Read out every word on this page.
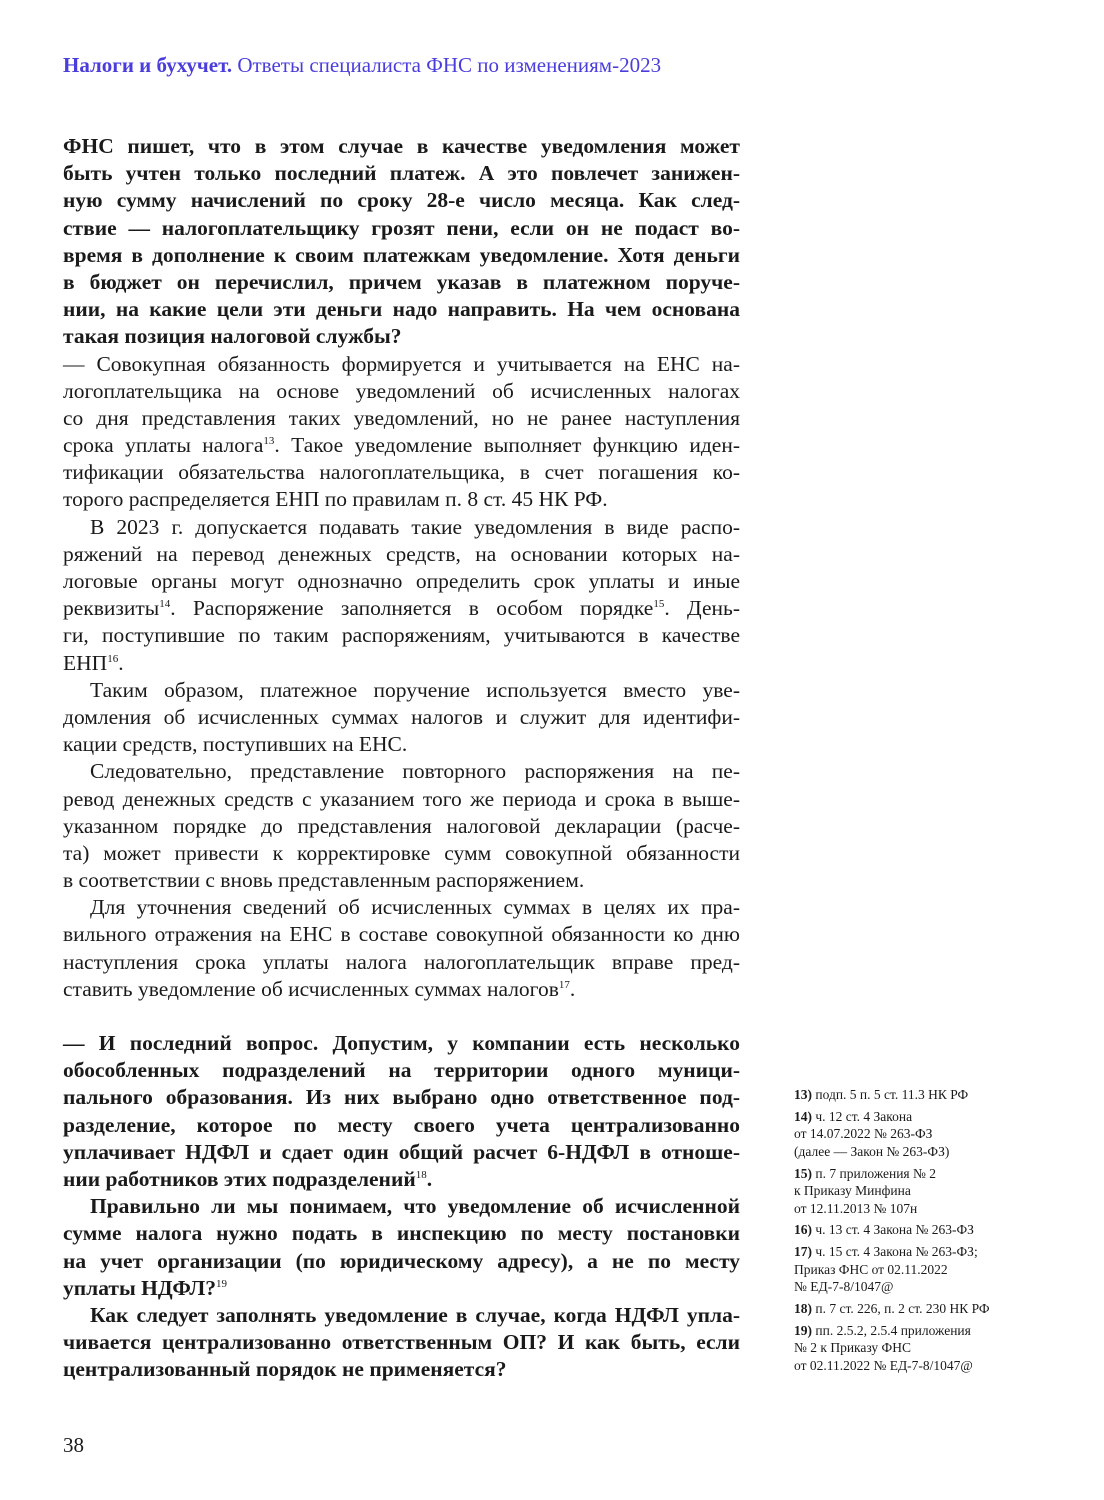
Налоги и бухучет. Ответы специалиста ФНС по изменениям-2023
ФНС пишет, что в этом случае в качестве уведомления может
быть учтен только последний платеж. А это повлечет занижен-
ную сумму начислений по сроку 28-е число месяца. Как след-
ствие — налогоплательщику грозят пени, если он не подаст во-
время в дополнение к своим платежкам уведомление. Хотя деньги
в бюджет он перечислил, причем указав в платежном поруче-
нии, на какие цели эти деньги надо направить. На чем основана
такая позиция налоговой службы?
— Совокупная обязанность формируется и учитывается на ЕНС на-
логоплательщика на основе уведомлений об исчисленных налогах
со дня представления таких уведомлений, но не ранее наступления
срока уплаты налога$^{13}$. Такое уведомление выполняет функцию иден-
тификации обязательства налогоплательщика, в счет погашения ко-
торого распределяется ЕНП по правилам п. 8 ст. 45 НК РФ.
В 2023 г. допускается подавать такие уведомления в виде распо-
ряжений на перевод денежных средств, на основании которых на-
логовые органы могут однозначно определить срок уплаты и иные
реквизиты$^{14}$. Распоряжение заполняется в особом порядке$^{15}$. День-
ги, поступившие по таким распоряжениям, учитываются в качестве
ЕНП$^{16}$.
Таким образом, платежное поручение используется вместо уве-
домления об исчисленных суммах налогов и служит для идентифи-
кации средств, поступивших на ЕНС.
Следовательно, представление повторного распоряжения на пе-
ревод денежных средств с указанием того же периода и срока в выше-
указанном порядке до представления налоговой декларации (расче-
та) может привести к корректировке сумм совокупной обязанности
в соответствии с вновь представленным распоряжением.
Для уточнения сведений об исчисленных суммах в целях их пра-
вильного отражения на ЕНС в составе совокупной обязанности ко дню
наступления срока уплаты налога налогоплательщик вправе пред-
ставить уведомление об исчисленных суммах налогов$^{17}$.
— И последний вопрос. Допустим, у компании есть несколько
обособленных подразделений на территории одного муници-
пального образования. Из них выбрано одно ответственное под-
разделение, которое по месту своего учета централизованно
уплачивает НДФЛ и сдает один общий расчет 6-НДФЛ в отноше-
нии работников этих подразделений$^{18}$.
Правильно ли мы понимаем, что уведомление об исчисленной
сумме налога нужно подать в инспекцию по месту постановки
на учет организации (по юридическому адресу), а не по месту
уплаты НДФЛ?$^{19}$
Как следует заполнять уведомление в случае, когда НДФЛ упла-
чивается централизованно ответственным ОП? И как быть, если
централизованный порядок не применяется?
13) подп. 5 п. 5 ст. 11.3 НК РФ
14) ч. 12 ст. 4 Закона
от 14.07.2022 № 263-ФЗ
(далее — Закон № 263-ФЗ)
15) п. 7 приложения № 2
к Приказу Минфина
от 12.11.2013 № 107н
16) ч. 13 ст. 4 Закона № 263-ФЗ
17) ч. 15 ст. 4 Закона № 263-ФЗ;
Приказ ФНС от 02.11.2022
№ ЕД-7-8/1047@
18) п. 7 ст. 226, п. 2 ст. 230 НК РФ
19) пп. 2.5.2, 2.5.4 приложения
№ 2 к Приказу ФНС
от 02.11.2022 № ЕД-7-8/1047@
38
